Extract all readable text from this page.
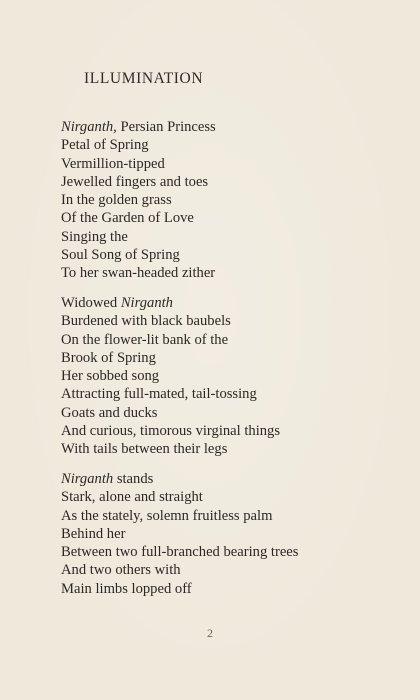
ILLUMINATION
Nirganth, Persian Princess
Petal of Spring
Vermillion-tipped
Jewelled fingers and toes
In the golden grass
Of the Garden of Love
Singing the
Soul Song of Spring
To her swan-headed zither
Widowed Nirganth
Burdened with black baubels
On the flower-lit bank of the
Brook of Spring
Her sobbed song
Attracting full-mated, tail-tossing
Goats and ducks
And curious, timorous virginal things
With tails between their legs
Nirganth stands
Stark, alone and straight
As the stately, solemn fruitless palm
Behind her
Between two full-branched bearing trees
And two others with
Main limbs lopped off
2
